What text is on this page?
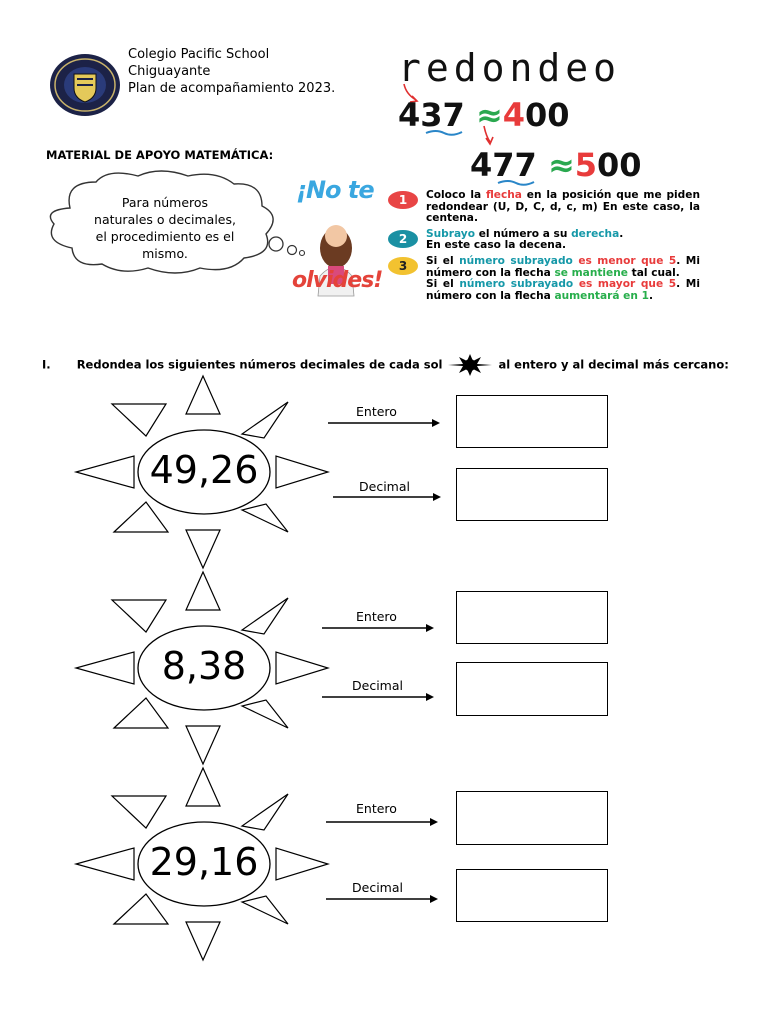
Colegio Pacific School
Chiguayante
Plan de acompañamiento 2023.
MATERIAL DE APOYO MATEMÁTICA:
Para números
naturales o decimales,
el procedimiento es el
mismo.
redondeo
437 ≈400
477 ≈500
¡No te
olvides!
1	Coloco la flecha en la posición que me piden redondear (U, D, C, d, c, m) En este caso, la centena.
2	Subrayo el número a su derecha.
En este caso la decena.
3	Si el número subrayado es menor que 5. Mi número con la flecha se mantiene tal cual.
Si el número subrayado es mayor que 5. Mi número con la flecha aumentará en 1.
I. Redondea los siguientes números decimales de cada sol	al entero y al decimal más cercano:
49,26
Entero
Decimal
8,38
Entero
Decimal
29,16
Entero
Decimal
